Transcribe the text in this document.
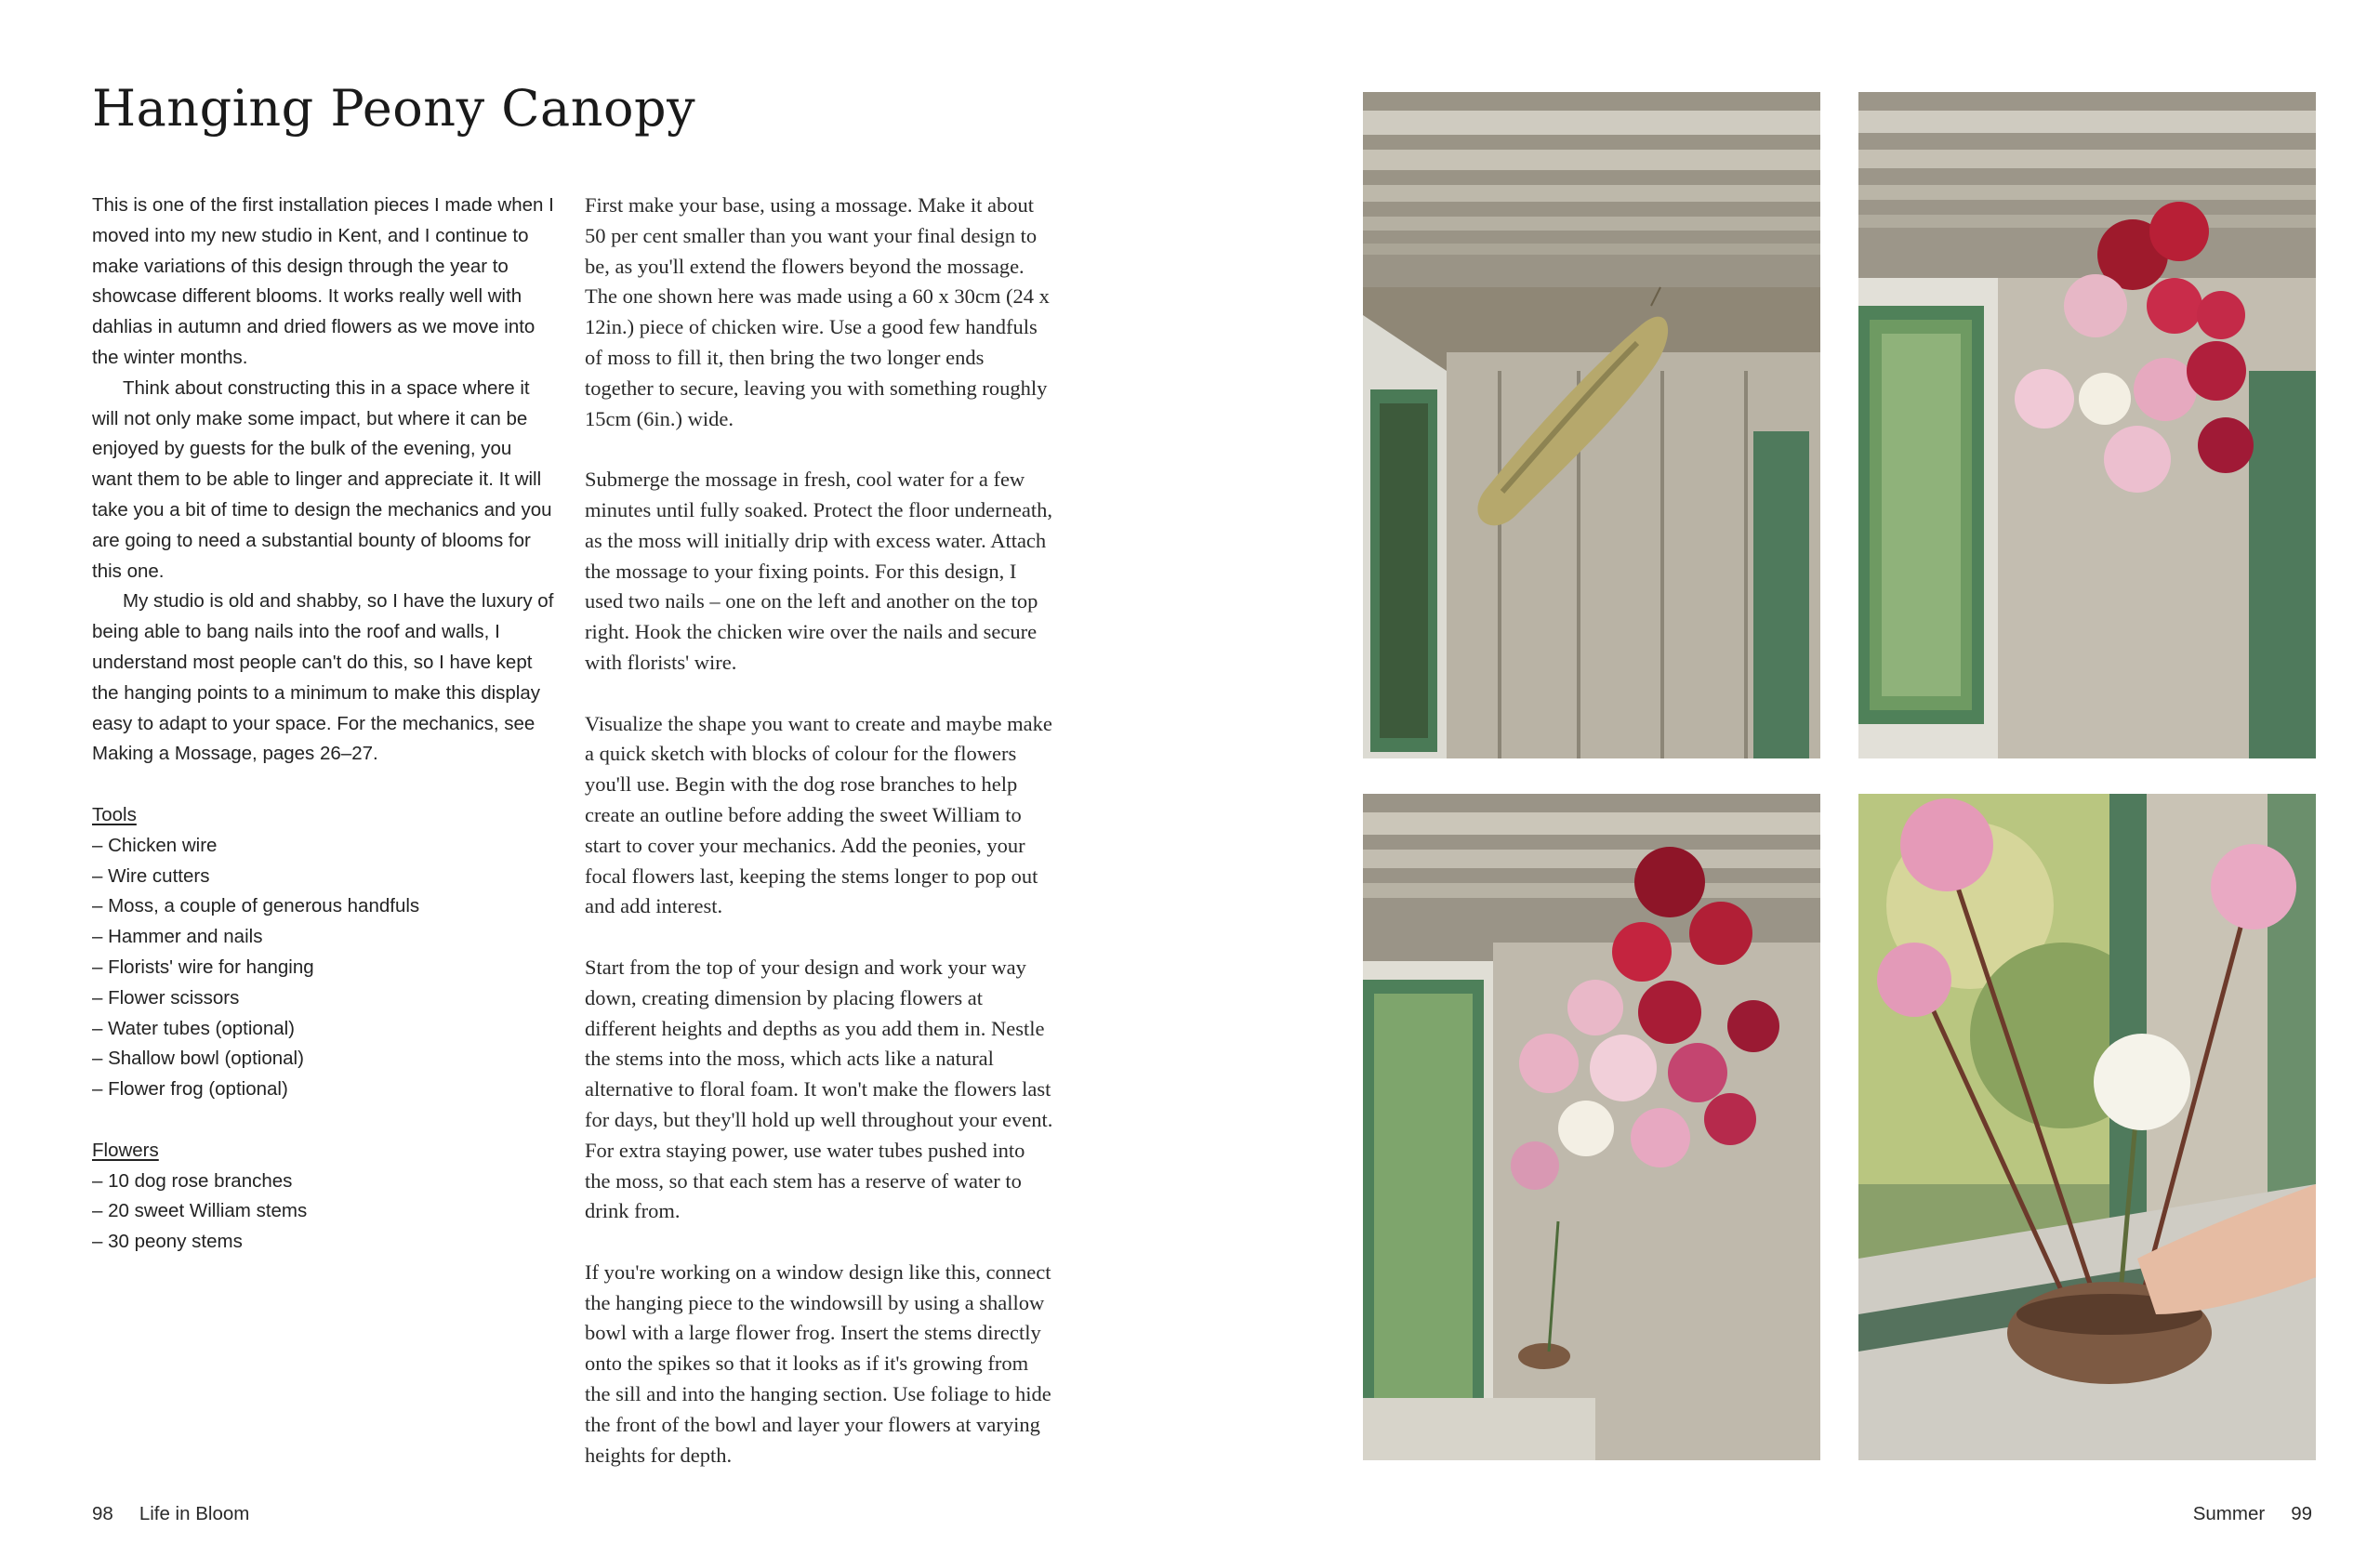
Hanging Peony Canopy

This is one of the first installation pieces I made when I moved into my new studio in Kent, and I continue to make variations of this design through the year to showcase different blooms. It works really well with dahlias in autumn and dried flowers as we move into the winter months.

Think about constructing this in a space where it will not only make some impact, but where it can be enjoyed by guests for the bulk of the evening, you want them to be able to linger and appreciate it. It will take you a bit of time to design the mechanics and you are going to need a substantial bounty of blooms for this one.

My studio is old and shabby, so I have the luxury of being able to bang nails into the roof and walls, I understand most people can't do this, so I have kept the hanging points to a minimum to make this display easy to adapt to your space. For the mechanics, see Making a Mossage, pages 26–27.

Tools
– Chicken wire
– Wire cutters
– Moss, a couple of generous handfuls
– Hammer and nails
– Florists' wire for hanging
– Flower scissors
– Water tubes (optional)
– Shallow bowl (optional)
– Flower frog (optional)
Flowers
– 10 dog rose branches
– 20 sweet William stems
– 30 peony stems

First make your base, using a mossage. Make it about 50 per cent smaller than you want your final design to be, as you'll extend the flowers beyond the mossage. The one shown here was made using a 60 x 30cm (24 x 12in.) piece of chicken wire. Use a good few handfuls of moss to fill it, then bring the two longer ends together to secure, leaving you with something roughly 15cm (6in.) wide.

Submerge the mossage in fresh, cool water for a few minutes until fully soaked. Protect the floor underneath, as the moss will initially drip with excess water. Attach the mossage to your fixing points. For this design, I used two nails – one on the left and another on the top right. Hook the chicken wire over the nails and secure with florists' wire.

Visualize the shape you want to create and maybe make a quick sketch with blocks of colour for the flowers you'll use. Begin with the dog rose branches to help create an outline before adding the sweet William to start to cover your mechanics. Add the peonies, your focal flowers last, keeping the stems longer to pop out and add interest.

Start from the top of your design and work your way down, creating dimension by placing flowers at different heights and depths as you add them in. Nestle the stems into the moss, which acts like a natural alternative to floral foam. It won't make the flowers last for days, but they'll hold up well throughout your event. For extra staying power, use water tubes pushed into the moss, so that each stem has a reserve of water to drink from.

If you're working on a window design like this, connect the hanging piece to the windowsill by using a shallow bowl with a large flower frog. Insert the stems directly onto the spikes so that it looks as if it's growing from the sill and into the hanging section. Use foliage to hide the front of the bowl and layer your flowers at varying heights for depth.

98 Life in Bloom	Summer 99
